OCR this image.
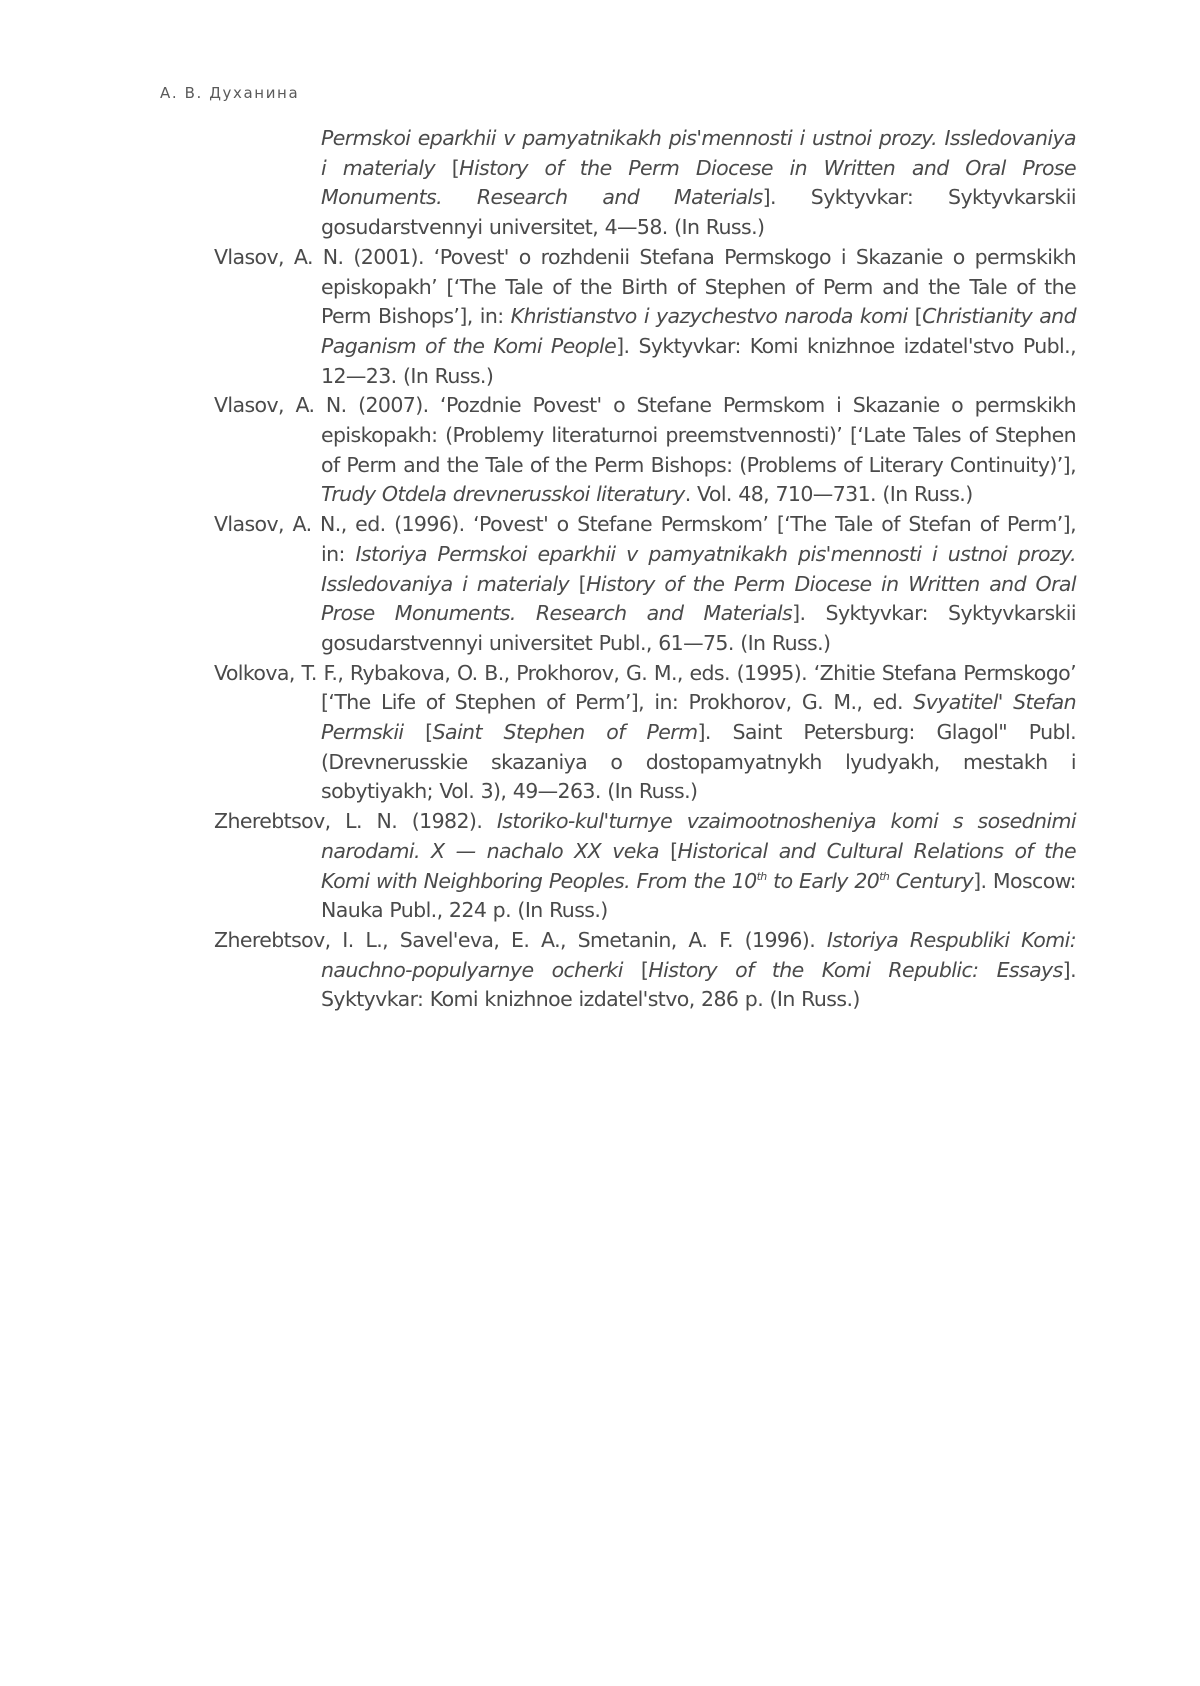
А. В. Духанина

Permskoi eparkhii v pamyatnikakh pis'mennosti i ustnoi prozy. Issledovaniya i materialy [History of the Perm Diocese in Written and Oral Prose Monuments. Research and Materials]. Syktyvkar: Syktyvkarskii gosudarstvennyi universitet, 4—58. (In Russ.)

Vlasov, A. N. (2001). ‘Povest' o rozhdenii Stefana Permskogo i Skazanie o permskikh episkopakh’ [‘The Tale of the Birth of Stephen of Perm and the Tale of the Perm Bishops’], in: Khristianstvo i yazychestvo naroda komi [Christianity and Paganism of the Komi People]. Syktyvkar: Komi knizhnoe izdatel'stvo Publ., 12—23. (In Russ.)

Vlasov, A. N. (2007). ‘Pozdnie Povest' o Stefane Permskom i Skazanie o permskikh episkopakh: (Problemy literaturnoi preemstvennosti)’ [‘Late Tales of Stephen of Perm and the Tale of the Perm Bishops: (Problems of Literary Continuity)’], Trudy Otdela drevnerusskoi literatury. Vol. 48, 710—731. (In Russ.)

Vlasov, A. N., ed. (1996). ‘Povest' o Stefane Permskom’ [‘The Tale of Stefan of Perm’], in: Istoriya Permskoi eparkhii v pamyatnikakh pis'mennosti i ustnoi prozy. Issledovaniya i materialy [History of the Perm Diocese in Written and Oral Prose Monuments. Research and Materials]. Syktyvkar: Syktyvkarskii gosudarstvennyi universitet Publ., 61—75. (In Russ.)

Volkova, T. F., Rybakova, O. B., Prokhorov, G. M., eds. (1995). ‘Zhitie Stefana Permskogo’ [‘The Life of Stephen of Perm’], in: Prokhorov, G. M., ed. Svyatitel' Stefan Permskii [Saint Stephen of Perm]. Saint Petersburg: Glagol" Publ. (Drevnerusskie skazaniya o dostopamyatnykh lyudyakh, mestakh i sobytiyakh; Vol. 3), 49—263. (In Russ.)

Zherebtsov, L. N. (1982). Istoriko-kul'turnye vzaimootnosheniya komi s sosednimi narodami. X — nachalo XX veka [Historical and Cultural Relations of the Komi with Neighboring Peoples. From the 10th to Early 20th Century]. Moscow: Nauka Publ., 224 p. (In Russ.)

Zherebtsov, I. L., Savel'eva, E. A., Smetanin, A. F. (1996). Istoriya Respubliki Komi: nauchno-populyarnye ocherki [History of the Komi Republic: Essays]. Syktyvkar: Komi knizhnoe izdatel'stvo, 286 p. (In Russ.)
